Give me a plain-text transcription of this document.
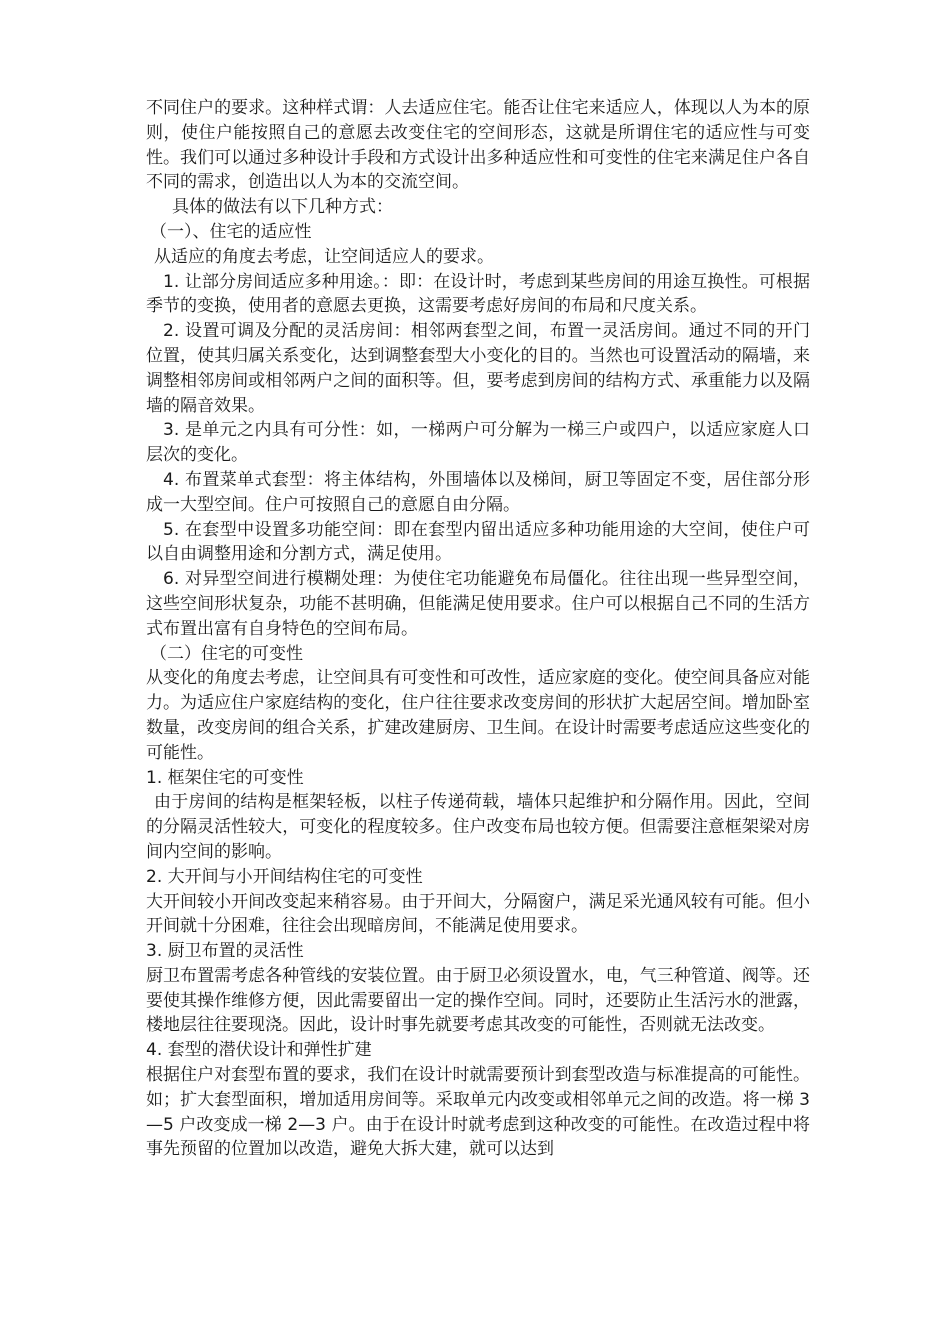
不同住户的要求。这种样式谓：人去适应住宅。能否让住宅来适应人，体现以人为本的原则，使住户能按照自己的意愿去改变住宅的空间形态，这就是所谓住宅的适应性与可变性。我们可以通过多种设计手段和方式设计出多种适应性和可变性的住宅来满足住户各自不同的需求，创造出以人为本的交流空间。

具体的做法有以下几种方式：

（一）、住宅的适应性

从适应的角度去考虑，让空间适应人的要求。

1. 让部分房间适应多种用途。：即：在设计时，考虑到某些房间的用途互换性。可根据季节的变换，使用者的意愿去更换，这需要考虑好房间的布局和尺度关系。

2. 设置可调及分配的灵活房间：相邻两套型之间，布置一灵活房间。通过不同的开门位置，使其归属关系变化，达到调整套型大小变化的目的。当然也可设置活动的隔墙，来调整相邻房间或相邻两户之间的面积等。但，要考虑到房间的结构方式、承重能力以及隔墙的隔音效果。

3. 是单元之内具有可分性：如，一梯两户可分解为一梯三户或四户，以适应家庭人口层次的变化。

4. 布置菜单式套型：将主体结构，外围墙体以及梯间，厨卫等固定不变，居住部分形成一大型空间。住户可按照自己的意愿自由分隔。

5. 在套型中设置多功能空间：即在套型内留出适应多种功能用途的大空间，使住户可以自由调整用途和分割方式，满足使用。

6. 对异型空间进行模糊处理：为使住宅功能避免布局僵化。往往出现一些异型空间，这些空间形状复杂，功能不甚明确，但能满足使用要求。住户可以根据自己不同的生活方式布置出富有自身特色的空间布局。

（二）住宅的可变性

从变化的角度去考虑，让空间具有可变性和可改性，适应家庭的变化。使空间具备应对能力。为适应住户家庭结构的变化，住户往往要求改变房间的形状扩大起居空间。增加卧室数量，改变房间的组合关系，扩建改建厨房、卫生间。在设计时需要考虑适应这些变化的可能性。

1. 框架住宅的可变性

由于房间的结构是框架轻板，以柱子传递荷载，墙体只起维护和分隔作用。因此，空间的分隔灵活性较大，可变化的程度较多。住户改变布局也较方便。但需要注意框架梁对房间内空间的影响。

2. 大开间与小开间结构住宅的可变性

大开间较小开间改变起来稍容易。由于开间大，分隔窗户，满足采光通风较有可能。但小开间就十分困难，往往会出现暗房间，不能满足使用要求。

3. 厨卫布置的灵活性

厨卫布置需考虑各种管线的安装位置。由于厨卫必须设置水，电，气三种管道、阀等。还要使其操作维修方便，因此需要留出一定的操作空间。同时，还要防止生活污水的泄露，楼地层往往要现浇。因此，设计时事先就要考虑其改变的可能性，否则就无法改变。

4. 套型的潜伏设计和弹性扩建

根据住户对套型布置的要求，我们在设计时就需要预计到套型改造与标准提高的可能性。如；扩大套型面积，增加适用房间等。采取单元内改变或相邻单元之间的改造。将一梯 3—5 户改变成一梯 2—3 户。由于在设计时就考虑到这种改变的可能性。在改造过程中将事先预留的位置加以改造，避免大拆大建，就可以达到
